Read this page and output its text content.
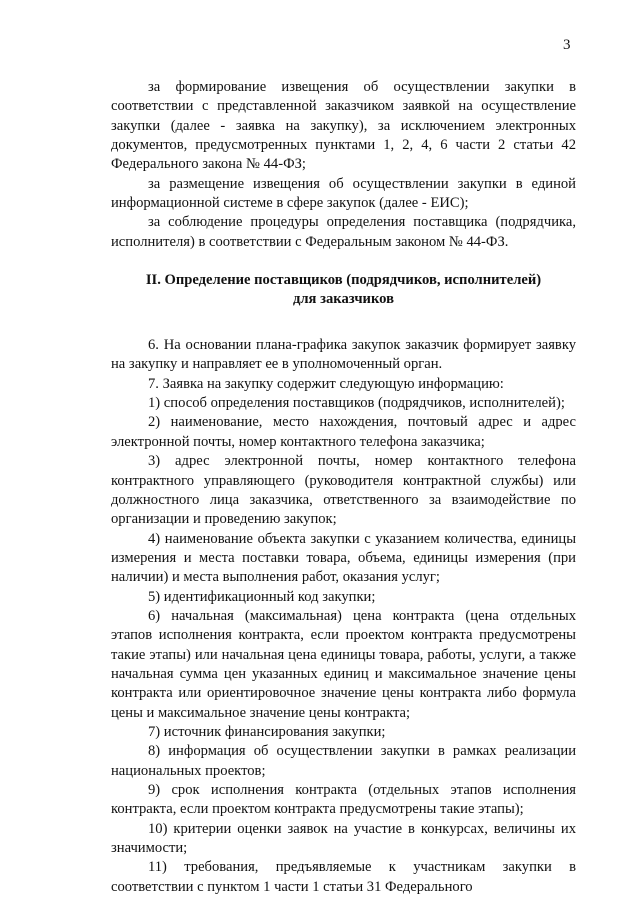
3

за формирование извещения об осуществлении закупки в соответствии с представленной заказчиком заявкой на осуществление закупки (далее - заявка на закупку), за исключением электронных документов, предусмотренных пунктами 1, 2, 4, 6 части 2 статьи 42 Федерального закона № 44-ФЗ;

за размещение извещения об осуществлении закупки в единой информационной системе в сфере закупок (далее - ЕИС);

за соблюдение процедуры определения поставщика (подрядчика, исполнителя) в соответствии с Федеральным законом № 44-ФЗ.

II. Определение поставщиков (подрядчиков, исполнителей)
для заказчиков

6. На основании плана-графика закупок заказчик формирует заявку на закупку и направляет ее в уполномоченный орган.

7. Заявка на закупку содержит следующую информацию:

1) способ определения поставщиков (подрядчиков, исполнителей);

2) наименование, место нахождения, почтовый адрес и адрес электронной почты, номер контактного телефона заказчика;

3) адрес электронной почты, номер контактного телефона контрактного управляющего (руководителя контрактной службы) или должностного лица заказчика, ответственного за взаимодействие по организации и проведению закупок;

4) наименование объекта закупки с указанием количества, единицы измерения и места поставки товара, объема, единицы измерения (при наличии) и места выполнения работ, оказания услуг;

5) идентификационный код закупки;

6) начальная (максимальная) цена контракта (цена отдельных этапов исполнения контракта, если проектом контракта предусмотрены такие этапы) или начальная цена единицы товара, работы, услуги, а также начальная сумма цен указанных единиц и максимальное значение цены контракта или ориентировочное значение цены контракта либо формула цены и максимальное значение цены контракта;

7) источник финансирования закупки;

8) информация об осуществлении закупки в рамках реализации национальных проектов;

9) срок исполнения контракта (отдельных этапов исполнения контракта, если проектом контракта предусмотрены такие этапы);

10) критерии оценки заявок на участие в конкурсах, величины их значимости;

11) требования, предъявляемые к участникам закупки в соответствии с пунктом 1 части 1 статьи 31 Федерального
